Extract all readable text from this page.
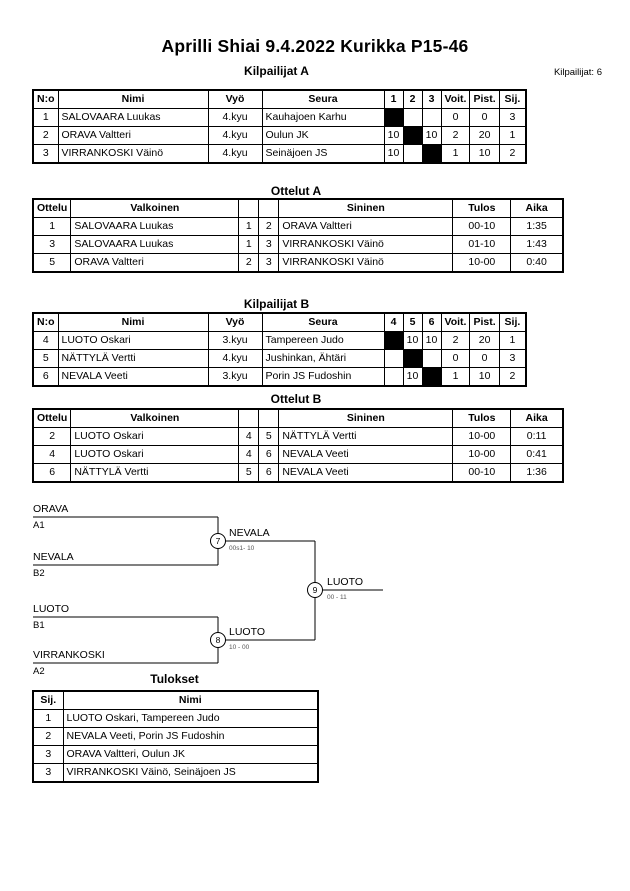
Aprilli Shiai 9.4.2022 Kurikka P15-46
Kilpailijat: 6
Kilpailijat A
N:o	Nimi	Vyö	Seura	1	2	3	Voit.	Pist.	Sij.
1	SALOVAARA Luukas	4.kyu	Kauhajoen Karhu				0	0	3
2	ORAVA Valtteri	4.kyu	Oulun JK	10		10	2	20	1
3	VIRRANKOSKI Väinö	4.kyu	Seinäjoen JS	10			1	10	2
Ottelut A
Ottelu	Valkoinen			Sininen	Tulos	Aika
1	SALOVAARA Luukas	1	2	ORAVA Valtteri	00-10	1:35
3	SALOVAARA Luukas	1	3	VIRRANKOSKI Väinö	01-10	1:43
5	ORAVA Valtteri	2	3	VIRRANKOSKI Väinö	10-00	0:40
Kilpailijat B
N:o	Nimi	Vyö	Seura	4	5	6	Voit.	Pist.	Sij.
4	LUOTO Oskari	3.kyu	Tampereen Judo		10	10	2	20	1
5	NÄTTYLÄ Vertti	4.kyu	Jushinkan, Ähtäri				0	0	3
6	NEVALA Veeti	3.kyu	Porin JS Fudoshin		10		1	10	2
Ottelut B
Ottelu	Valkoinen			Sininen	Tulos	Aika
2	LUOTO Oskari	4	5	NÄTTYLÄ Vertti	10-00	0:11
4	LUOTO Oskari	4	6	NEVALA Veeti	10-00	0:41
6	NÄTTYLÄ Vertti	5	6	NEVALA Veeti	00-10	1:36
ORAVA
A1
NEVALA
B2
7
NEVALA
00s1- 10
LUOTO
B1
VIRRANKOSKI
A2
8
LUOTO
10 - 00
9
LUOTO
00 - 11
Tulokset
Sij.	Nimi
1	LUOTO Oskari, Tampereen Judo
2	NEVALA Veeti, Porin JS Fudoshin
3	ORAVA Valtteri, Oulun JK
3	VIRRANKOSKI Väinö, Seinäjoen JS
